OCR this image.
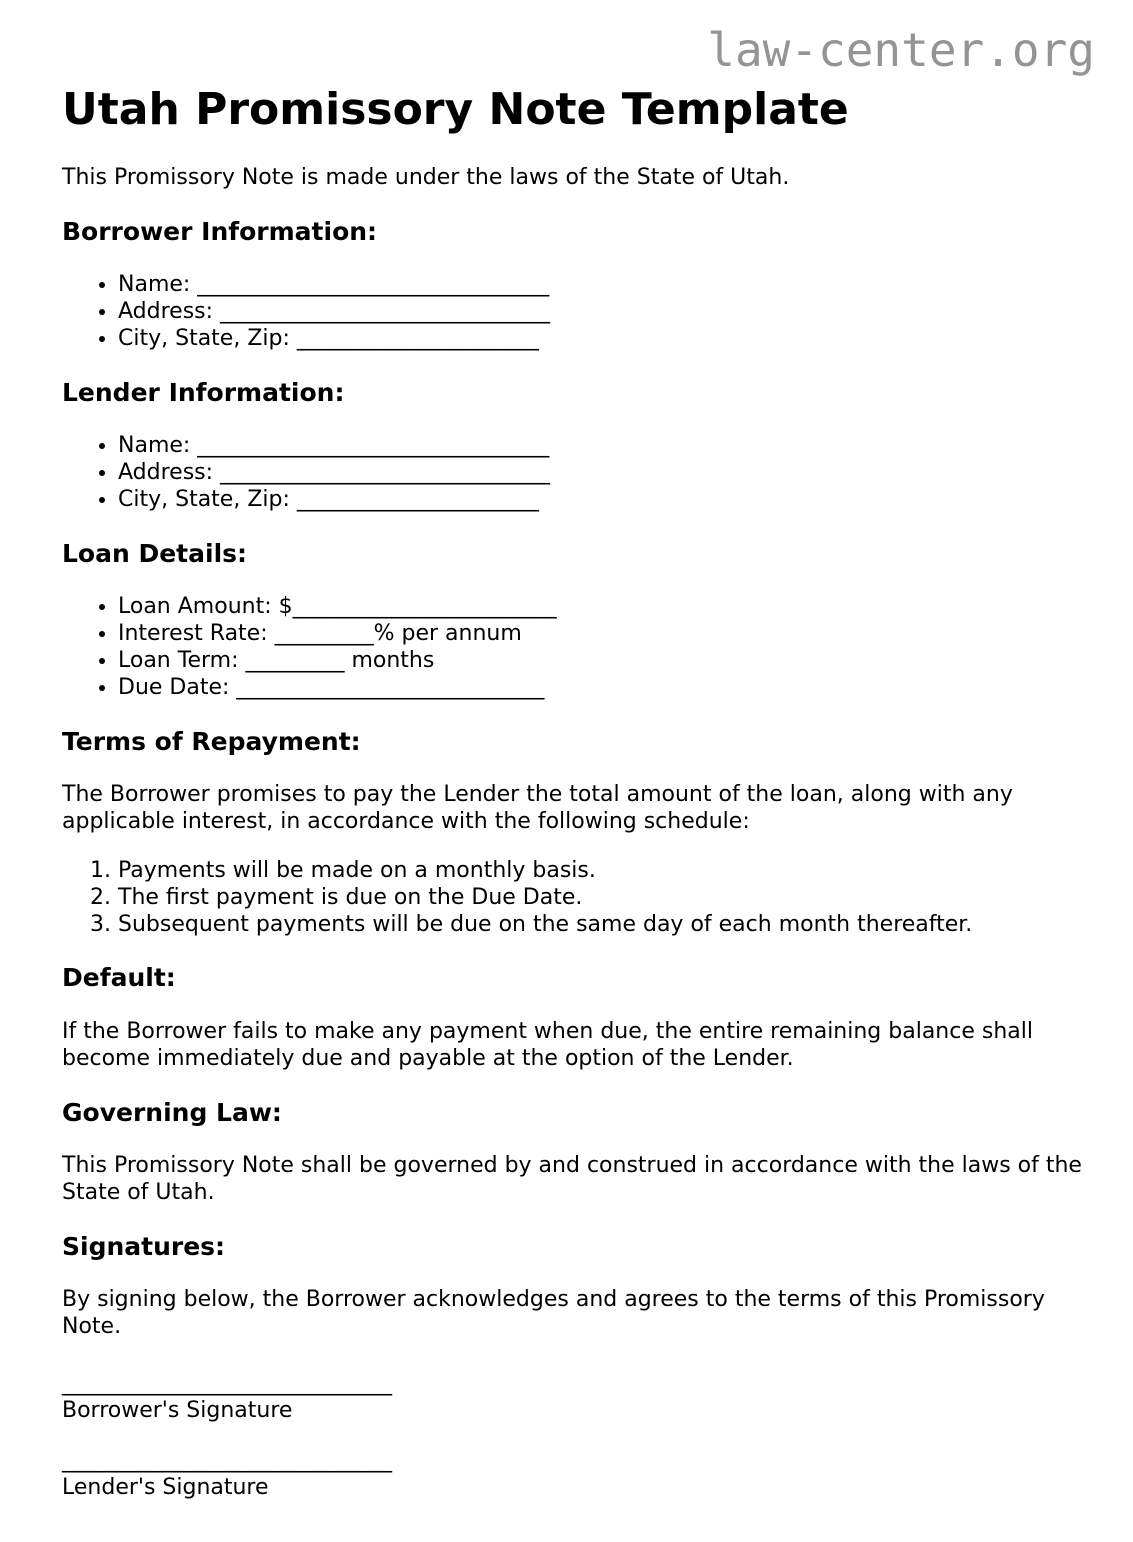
law-center.org
Utah Promissory Note Template

This Promissory Note is made under the laws of the State of Utah.

Borrower Information:
• Name: ________________________________
• Address: ______________________________
• City, State, Zip: ______________________
Lender Information:
• Name: ________________________________
• Address: ______________________________
• City, State, Zip: ______________________
Loan Details:
• Loan Amount: $________________________
• Interest Rate: _________% per annum
• Loan Term: _________ months
• Due Date: ____________________________
Terms of Repayment:

The Borrower promises to pay the Lender the total amount of the loan, along with any applicable interest, in accordance with the following schedule:

1. Payments will be made on a monthly basis.
2. The first payment is due on the Due Date.
3. Subsequent payments will be due on the same day of each month thereafter.
Default:

If the Borrower fails to make any payment when due, the entire remaining balance shall become immediately due and payable at the option of the Lender.

Governing Law:

This Promissory Note shall be governed by and construed in accordance with the laws of the State of Utah.

Signatures:

By signing below, the Borrower acknowledges and agrees to the terms of this Promissory Note.

______________________________
Borrower's Signature

______________________________
Lender's Signature
